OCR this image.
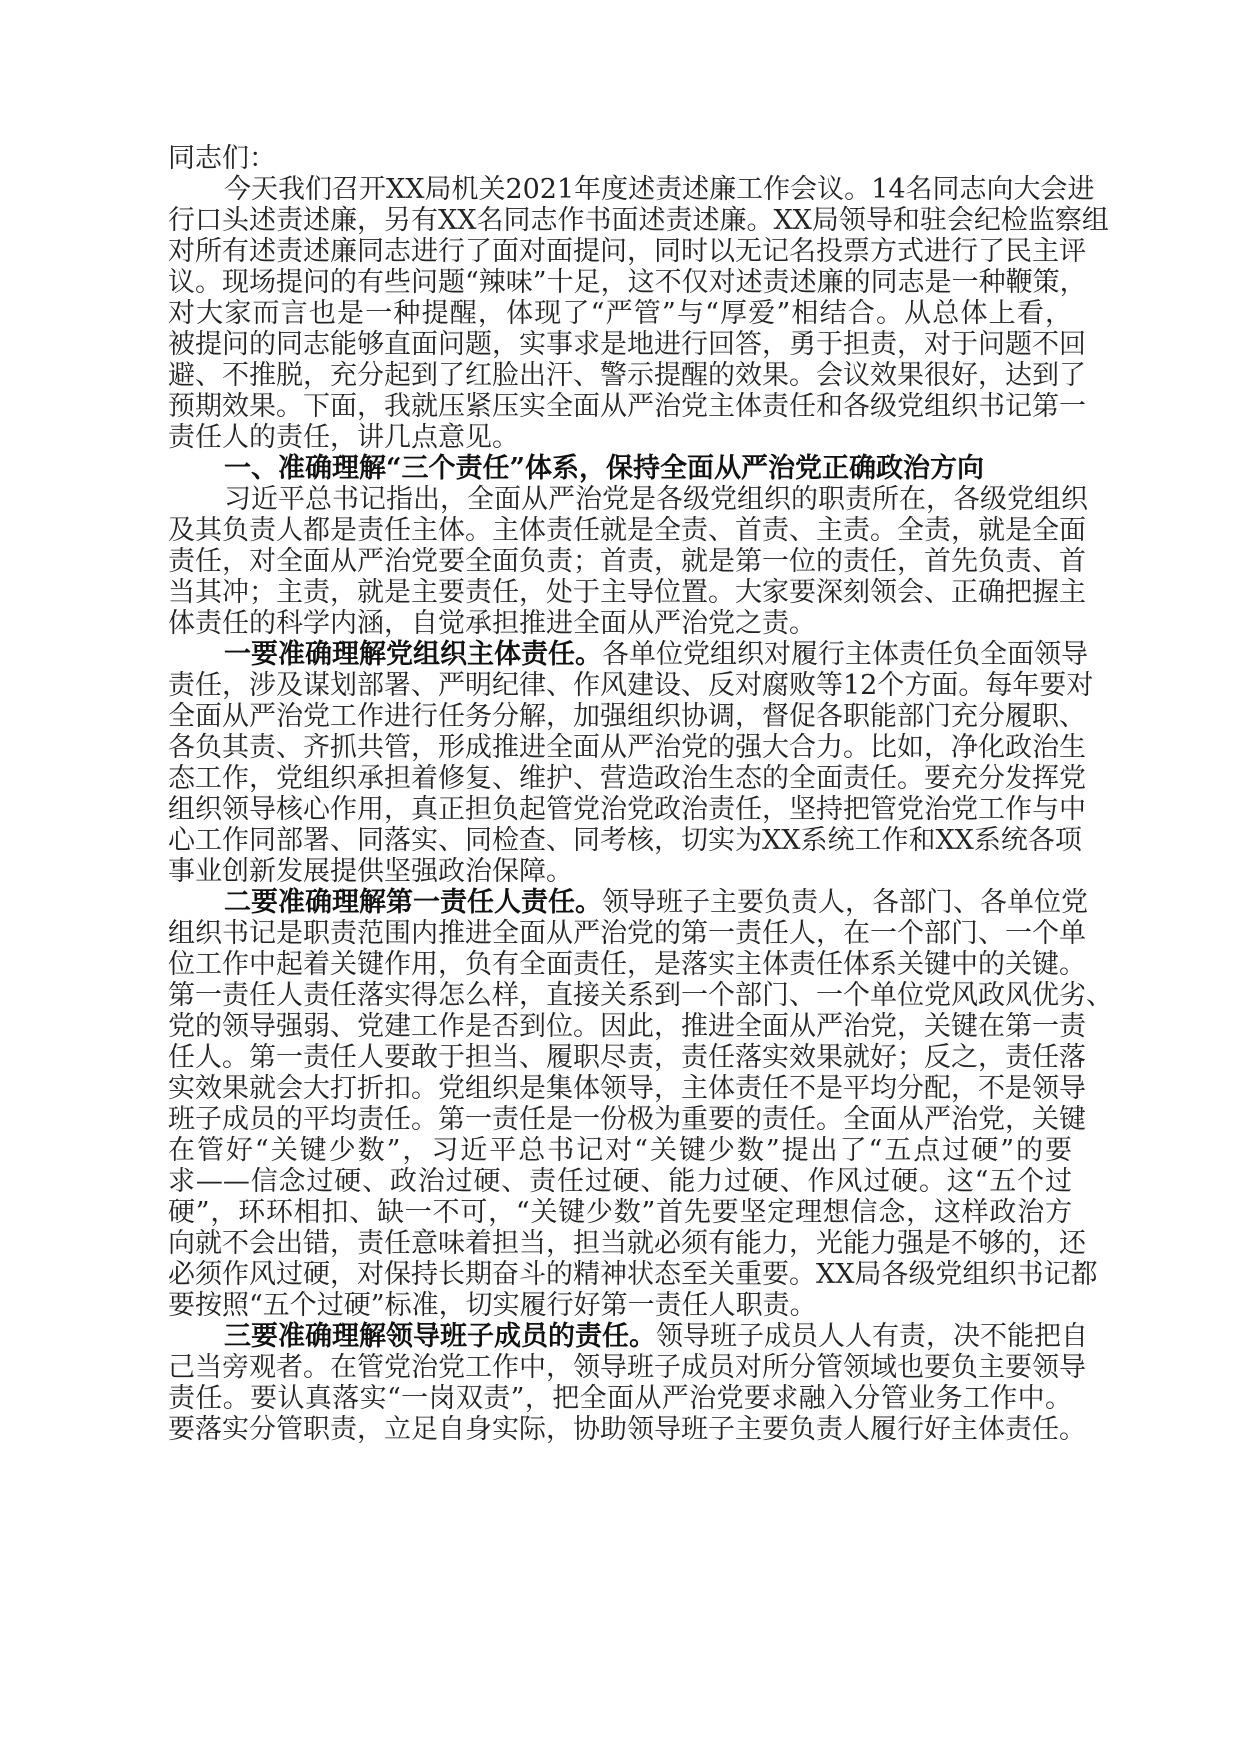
同志们：
今天我们召开XX局机关2021年度述责述廉工作会议。14名同志向大会进
行口头述责述廉，另有XX名同志作书面述责述廉。XX局领导和驻会纪检监察组
对所有述责述廉同志进行了面对面提问，同时以无记名投票方式进行了民主评
议。现场提问的有些问题“辣味”十足，这不仅对述责述廉的同志是一种鞭策，
对大家而言也是一种提醒，体现了“严管”与“厚爱”相结合。从总体上看，
被提问的同志能够直面问题，实事求是地进行回答，勇于担责，对于问题不回
避、不推脱，充分起到了红脸出汗、警示提醒的效果。会议效果很好，达到了
预期效果。下面，我就压紧压实全面从严治党主体责任和各级党组织书记第一
责任人的责任，讲几点意见。
一、准确理解“三个责任”体系，保持全面从严治党正确政治方向
习近平总书记指出，全面从严治党是各级党组织的职责所在，各级党组织
及其负责人都是责任主体。主体责任就是全责、首责、主责。全责，就是全面
责任，对全面从严治党要全面负责；首责，就是第一位的责任，首先负责、首
当其冲；主责，就是主要责任，处于主导位置。大家要深刻领会、正确把握主
体责任的科学内涵，自觉承担推进全面从严治党之责。
一要准确理解党组织主体责任。各单位党组织对履行主体责任负全面领导
责任，涉及谋划部署、严明纪律、作风建设、反对腐败等12个方面。每年要对
全面从严治党工作进行任务分解，加强组织协调，督促各职能部门充分履职、
各负其责、齐抓共管，形成推进全面从严治党的强大合力。比如，净化政治生
态工作，党组织承担着修复、维护、营造政治生态的全面责任。要充分发挥党
组织领导核心作用，真正担负起管党治党政治责任，坚持把管党治党工作与中
心工作同部署、同落实、同检查、同考核，切实为XX系统工作和XX系统各项
事业创新发展提供坚强政治保障。
二要准确理解第一责任人责任。领导班子主要负责人，各部门、各单位党
组织书记是职责范围内推进全面从严治党的第一责任人，在一个部门、一个单
位工作中起着关键作用，负有全面责任，是落实主体责任体系关键中的关键。
第一责任人责任落实得怎么样，直接关系到一个部门、一个单位党风政风优劣、
党的领导强弱、党建工作是否到位。因此，推进全面从严治党，关键在第一责
任人。第一责任人要敢于担当、履职尽责，责任落实效果就好；反之，责任落
实效果就会大打折扣。党组织是集体领导，主体责任不是平均分配，不是领导
班子成员的平均责任。第一责任是一份极为重要的责任。全面从严治党，关键
在管好“关键少数”，习近平总书记对“关键少数”提出了“五点过硬”的要
求——信念过硬、政治过硬、责任过硬、能力过硬、作风过硬。这“五个过
硬”，环环相扣、缺一不可，“关键少数”首先要坚定理想信念，这样政治方
向就不会出错，责任意味着担当，担当就必须有能力，光能力强是不够的，还
必须作风过硬，对保持长期奋斗的精神状态至关重要。XX局各级党组织书记都
要按照“五个过硬”标准，切实履行好第一责任人职责。
三要准确理解领导班子成员的责任。领导班子成员人人有责，决不能把自
己当旁观者。在管党治党工作中，领导班子成员对所分管领域也要负主要领导
责任。要认真落实“一岗双责”，把全面从严治党要求融入分管业务工作中。
要落实分管职责，立足自身实际，协助领导班子主要负责人履行好主体责任。
